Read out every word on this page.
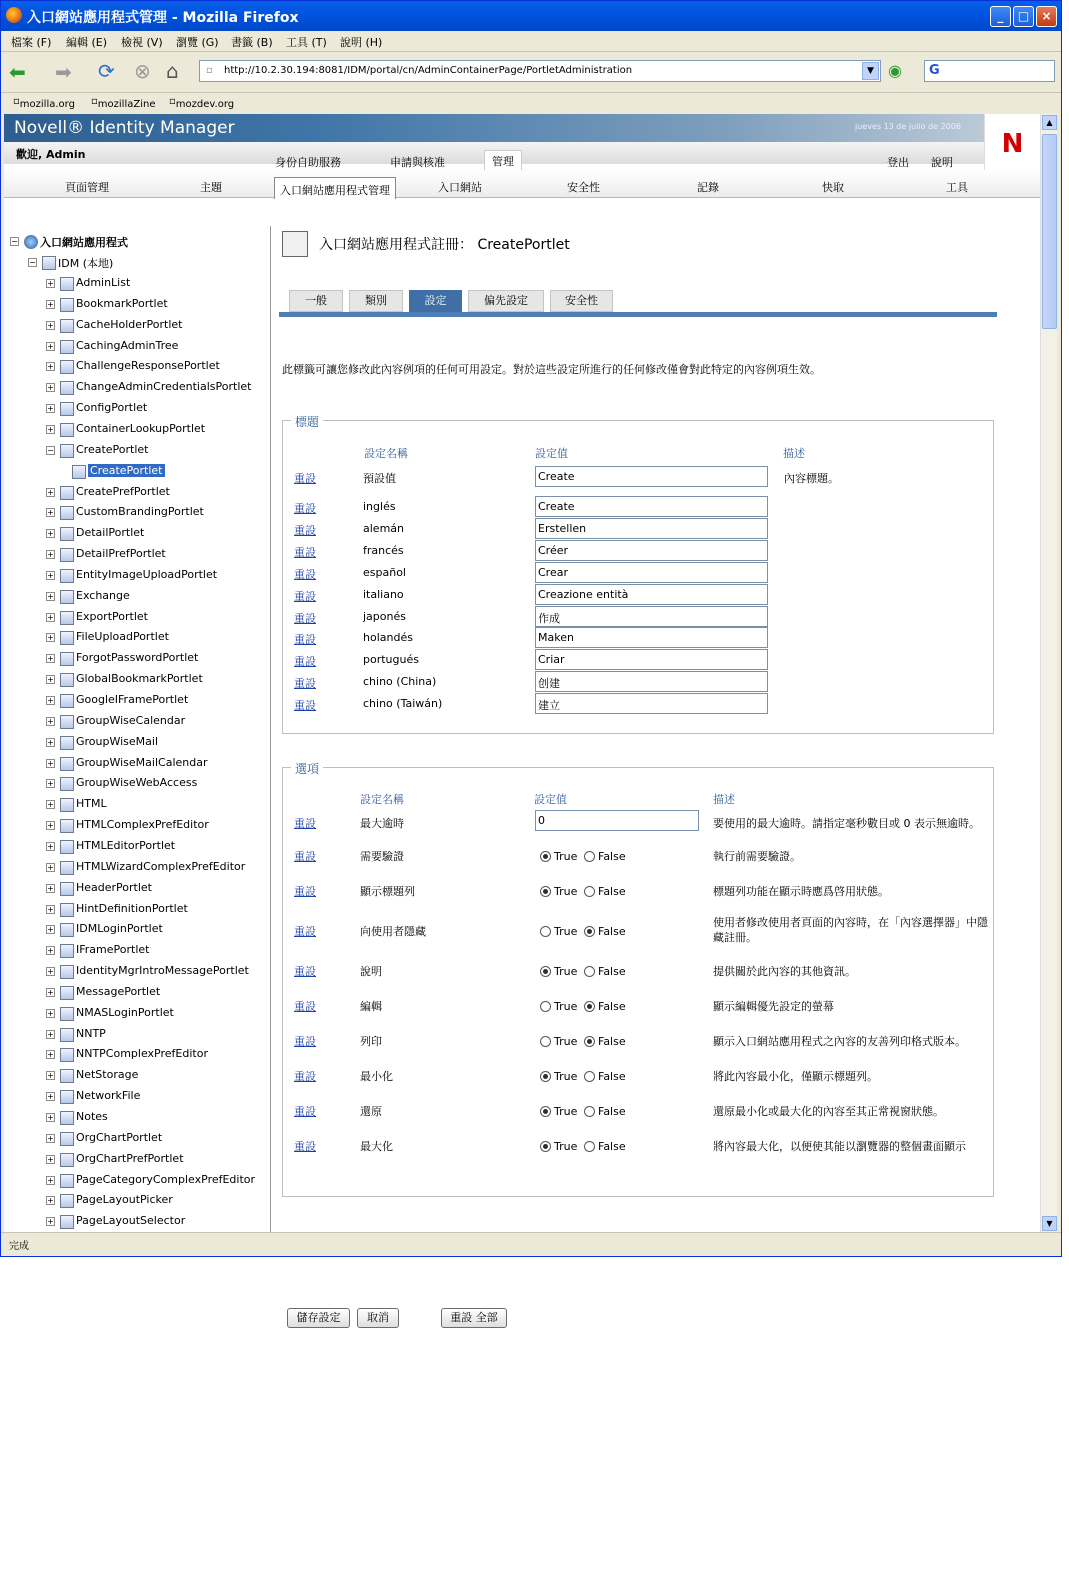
入口網站應用程式管理 - Mozilla Firefox	_	□	×
檔案 (F) 編輯 (E) 檢視 (V) 瀏覽 (G) 書籤 (B) 工具 (T) 說明 (H)
⬅ ➡ ⟳ ⊗ ⌂	◉
▫ http://10.2.30.194:8081/IDM/portal/cn/AdminContainerPage/PortletAdministration	▼	G
▫ mozilla.org ▫ mozillaZine ▫ mozdev.org
Novell® Identity Manager	jueves 13 de julio de 2006
N
歡迎, Admin
身份自助服務	申請與核准	管理	登出 說明
頁面管理	主題	入口網站應用程式管理	入口網站	安全性	記錄	快取	工具
− 入口網站應用程式
− IDM (本地)
+ AdminList
+ BookmarkPortlet
+ CacheHolderPortlet
+ CachingAdminTree
+ ChallengeResponsePortlet
+ ChangeAdminCredentialsPortlet
+ ConfigPortlet
+ ContainerLookupPortlet
− CreatePortlet
CreatePortlet
+ CreatePrefPortlet
+ CustomBrandingPortlet
+ DetailPortlet
+ DetailPrefPortlet
+ EntityImageUploadPortlet
+ Exchange
+ ExportPortlet
+ FileUploadPortlet
+ ForgotPasswordPortlet
+ GlobalBookmarkPortlet
+ GoogleIFramePortlet
+ GroupWiseCalendar
+ GroupWiseMail
+ GroupWiseMailCalendar
+ GroupWiseWebAccess
+ HTML
+ HTMLComplexPrefEditor
+ HTMLEditorPortlet
+ HTMLWizardComplexPrefEditor
+ HeaderPortlet
+ HintDefinitionPortlet
+ IDMLoginPortlet
+ IFramePortlet
+ IdentityMgrIntroMessagePortlet
+ MessagePortlet
+ NMASLoginPortlet
+ NNTP
+ NNTPComplexPrefEditor
+ NetStorage
+ NetworkFile
+ Notes
+ OrgChartPortlet
+ OrgChartPrefPortlet
+ PageCategoryComplexPrefEditor
+ PageLayoutPicker
+ PageLayoutSelector
入口網站應用程式註冊： CreatePortlet
一般	類別	設定	偏先設定	安全性
此標籤可讓您修改此內容例項的任何可用設定。對於這些設定所進行的任何修改僅會對此特定的內容例項生效。
標題
設定名稱	設定值	描述
重設	預設值	Create	內容標題。
重設	inglés	Create
重設	alemán	Erstellen
重設	francés	Créer
重設	español	Crear
重設	italiano	Creazione entità
重設	japonés	作成
重設	holandés	Maken
重設	portugués	Criar
重設	chino (China)	创建
重設	chino (Taiwán)	建立
選項
設定名稱	設定值	描述
重設	最大逾時	0	要使用的最大逾時。請指定毫秒數目或 0 表示無逾時。
重設	需要驗證	True	False	執行前需要驗證。
重設	顯示標題列	True	False	標題列功能在顯示時應爲啓用狀態。
重設	向使用者隱藏	True	False
使用者修改使用者頁面的內容時，在「內容選擇器」中隱藏註冊。
重設	說明	True	False	提供關於此內容的其他資訊。
重設	編輯	True	False	顯示編輯優先設定的螢幕
重設	列印	True	False	顯示入口網站應用程式之內容的友善列印格式版本。
重設	最小化	True	False	將此內容最小化，僅顯示標題列。
重設	還原	True	False	還原最小化或最大化的內容至其正常視窗狀態。
重設	最大化	True	False	將內容最大化，以便使其能以瀏覽器的整個畫面顯示
儲存設定	取消	重設 全部
▲
▼
完成
